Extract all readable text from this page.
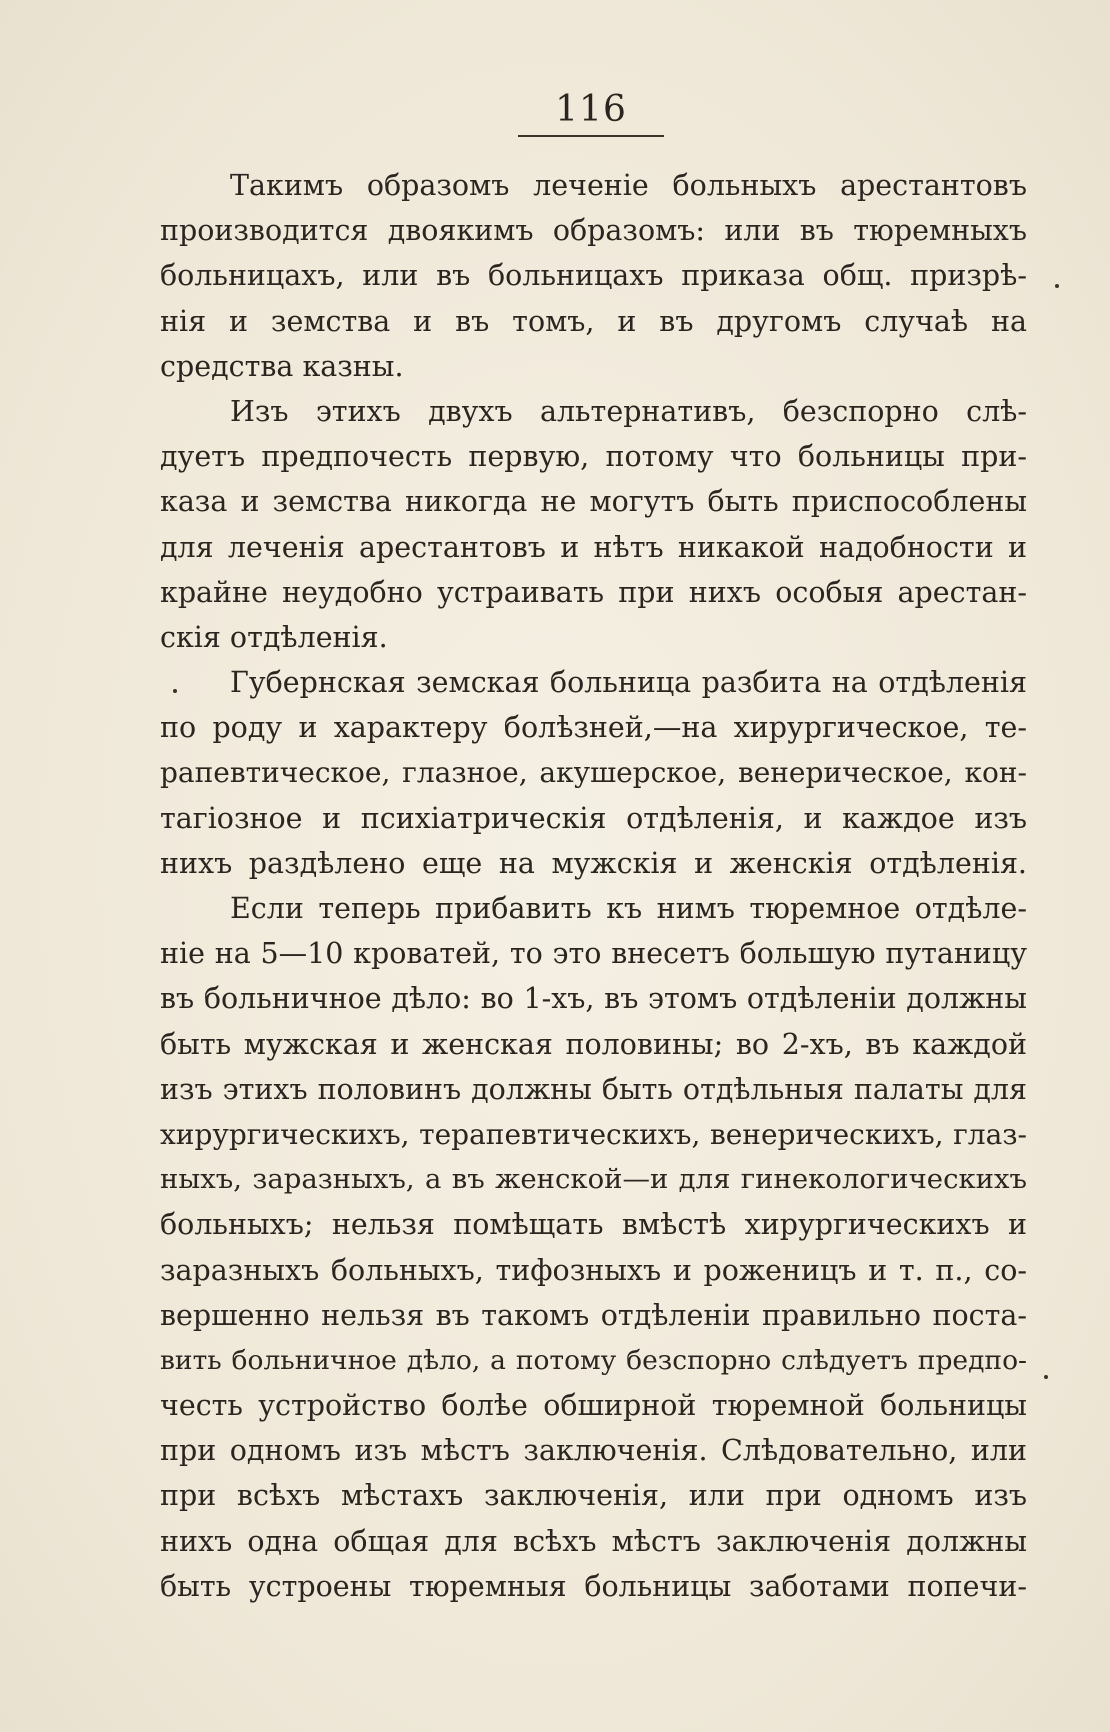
116
Такимъ образомъ леченіе больныхъ арестантовъ
производится двоякимъ образомъ: или въ тюремныхъ
больницахъ, или въ больницахъ приказа общ. призрѣ-
нія и земства и въ томъ, и въ другомъ случаѣ на
средства казны.
Изъ этихъ двухъ альтернативъ, безспорно слѣ-
дуетъ предпочесть первую, потому что больницы при-
каза и земства никогда не могутъ быть приспособлены
для леченія арестантовъ и нѣтъ никакой надобности и
крайне неудобно устраивать при нихъ особыя арестан-
скія отдѣленія.
Губернская земская больница разбита на отдѣленія
по роду и характеру болѣзней,—на хирургическое, те-
рапевтическое, глазное, акушерское, венерическое, кон-
тагіозное и психіатрическія отдѣленія, и каждое изъ
нихъ раздѣлено еще на мужскія и женскія отдѣленія.
Если теперь прибавить къ нимъ тюремное отдѣле-
ніе на 5—10 кроватей, то это внесетъ большую путаницу
въ больничное дѣло: во 1-хъ, въ этомъ отдѣленіи должны
быть мужская и женская половины; во 2-хъ, въ каждой
изъ этихъ половинъ должны быть отдѣльныя палаты для
хирургическихъ, терапевтическихъ, венерическихъ, глаз-
ныхъ, заразныхъ, а въ женской—и для гинекологическихъ
больныхъ; нельзя помѣщать вмѣстѣ хирургическихъ и
заразныхъ больныхъ, тифозныхъ и роженицъ и т. п., со-
вершенно нельзя въ такомъ отдѣленіи правильно поста-
вить больничное дѣло, а потому безспорно слѣдуетъ предпо-
честь устройство болѣе обширной тюремной больницы
при одномъ изъ мѣстъ заключенія. Слѣдовательно, или
при всѣхъ мѣстахъ заключенія, или при одномъ изъ
нихъ одна общая для всѣхъ мѣстъ заключенія должны
быть устроены тюремныя больницы заботами попечи-
